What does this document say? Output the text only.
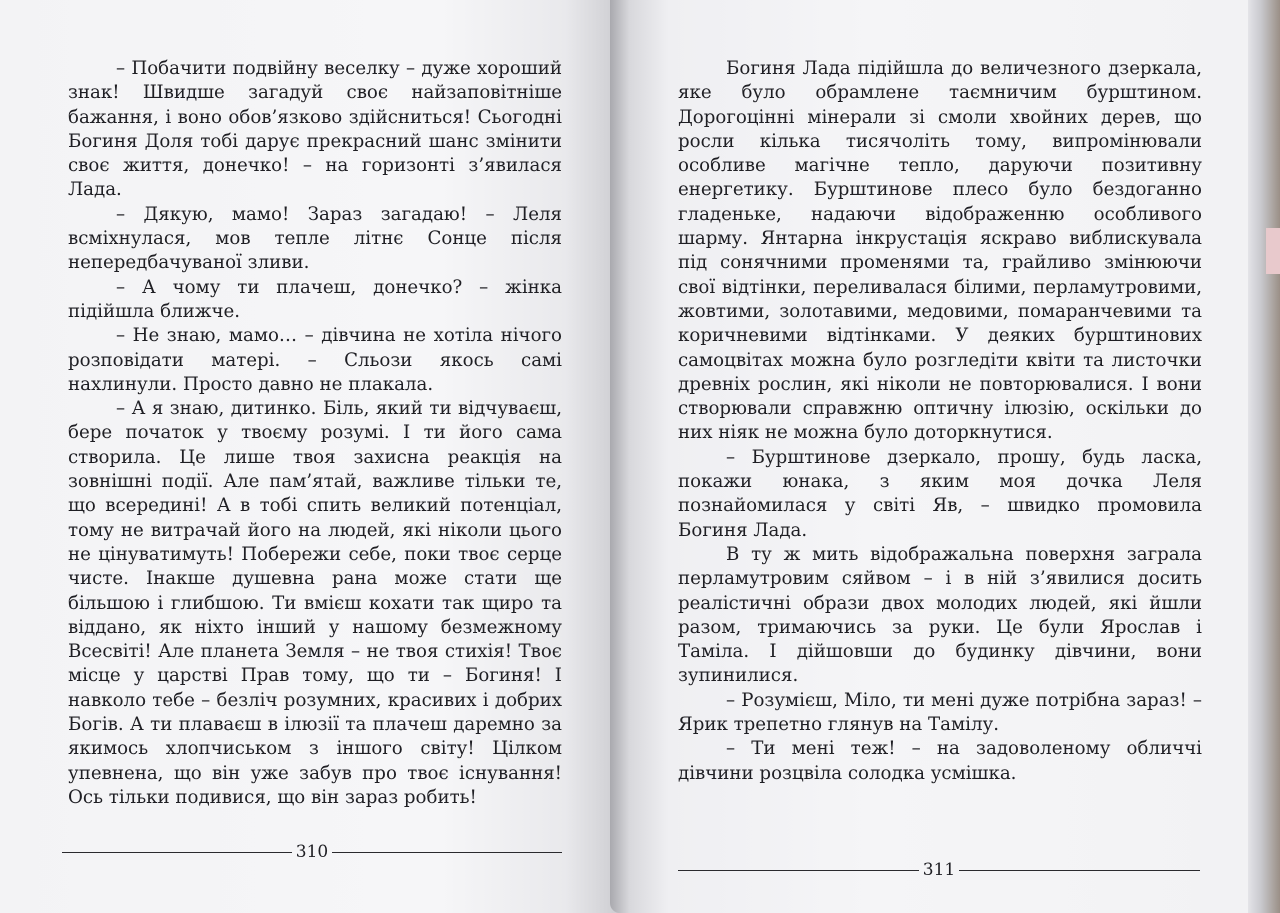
– Побачити подвійну веселку – дуже хороший знак! Швидше загадуй своє найзаповітніше бажання, і воно обов’язково здійсниться! Сьогодні Богиня Доля тобі дарує прекрасний шанс змінити своє життя, донечко! – на горизонті з’явилася Лада.

– Дякую, мамо! Зараз загадаю! – Леля всміхнулася, мов тепле літнє Сонце після непередбачуваної зливи.

– А чому ти плачеш, донечко? – жінка підійшла ближче.

– Не знаю, мамо… – дівчина не хотіла нічого розповідати матері. – Сльози якось самі нахлинули. Просто давно не плакала.

– А я знаю, дитинко. Біль, який ти відчуваєш, бере початок у твоєму розумі. І ти його сама створила. Це лише твоя захисна реакція на зовнішні події. Але пам’ятай, важливе тільки те, що всередині! А в тобі спить великий потенціал, тому не витрачай його на людей, які ніколи цього не цінуватимуть! Побережи себе, поки твоє серце чисте. Інакше душевна рана може стати ще більшою і глибшою. Ти вмієш кохати так щиро та віддано, як ніхто інший у нашому безмежному Всесвіті! Але планета Земля – не твоя стихія! Твоє місце у царстві Прав тому, що ти – Богиня! І навколо тебе – безліч розумних, красивих і добрих Богів. А ти плаваєш в ілюзії та плачеш даремно за якимось хлопчиськом з іншого світу! Цілком упевнена, що він уже забув про твоє існування! Ось тільки подивися, що він зараз робить!

310

Богиня Лада підійшла до величезного дзеркала, яке було обрамлене таємничим бурштином. Дорогоцінні мінерали зі смоли хвойних дерев, що росли кілька тисячоліть тому, випромінювали особливе магічне тепло, даруючи позитивну енергетику. Бурштинове плесо було бездоганно гладеньке, надаючи відображенню особливого шарму. Янтарна інкрустація яскраво виблискувала під сонячними променями та, грайливо змінюючи свої відтінки, переливалася білими, перламутровими, жовтими, золотавими, медовими, помаранчевими та коричневими відтінками. У деяких бурштинових самоцвітах можна було розгледіти квіти та листочки древніх рослин, які ніколи не повторювалися. І вони створювали справжню оптичну ілюзію, оскільки до них ніяк не можна було доторкнутися.

– Бурштинове дзеркало, прошу, будь ласка, покажи юнака, з яким моя дочка Леля познайомилася у світі Яв, – швидко промовила Богиня Лада.

В ту ж мить відображальна поверхня заграла перламутровим сяйвом – і в ній з’явилися досить реалістичні образи двох молодих людей, які йшли разом, тримаючись за руки. Це були Ярослав і Таміла. І дійшовши до будинку дівчини, вони зупинилися.

– Розумієш, Міло, ти мені дуже потрібна зараз! – Ярик трепетно глянув на Тамілу.

– Ти мені теж! – на задоволеному обличчі дівчини розцвіла солодка усмішка.

311
